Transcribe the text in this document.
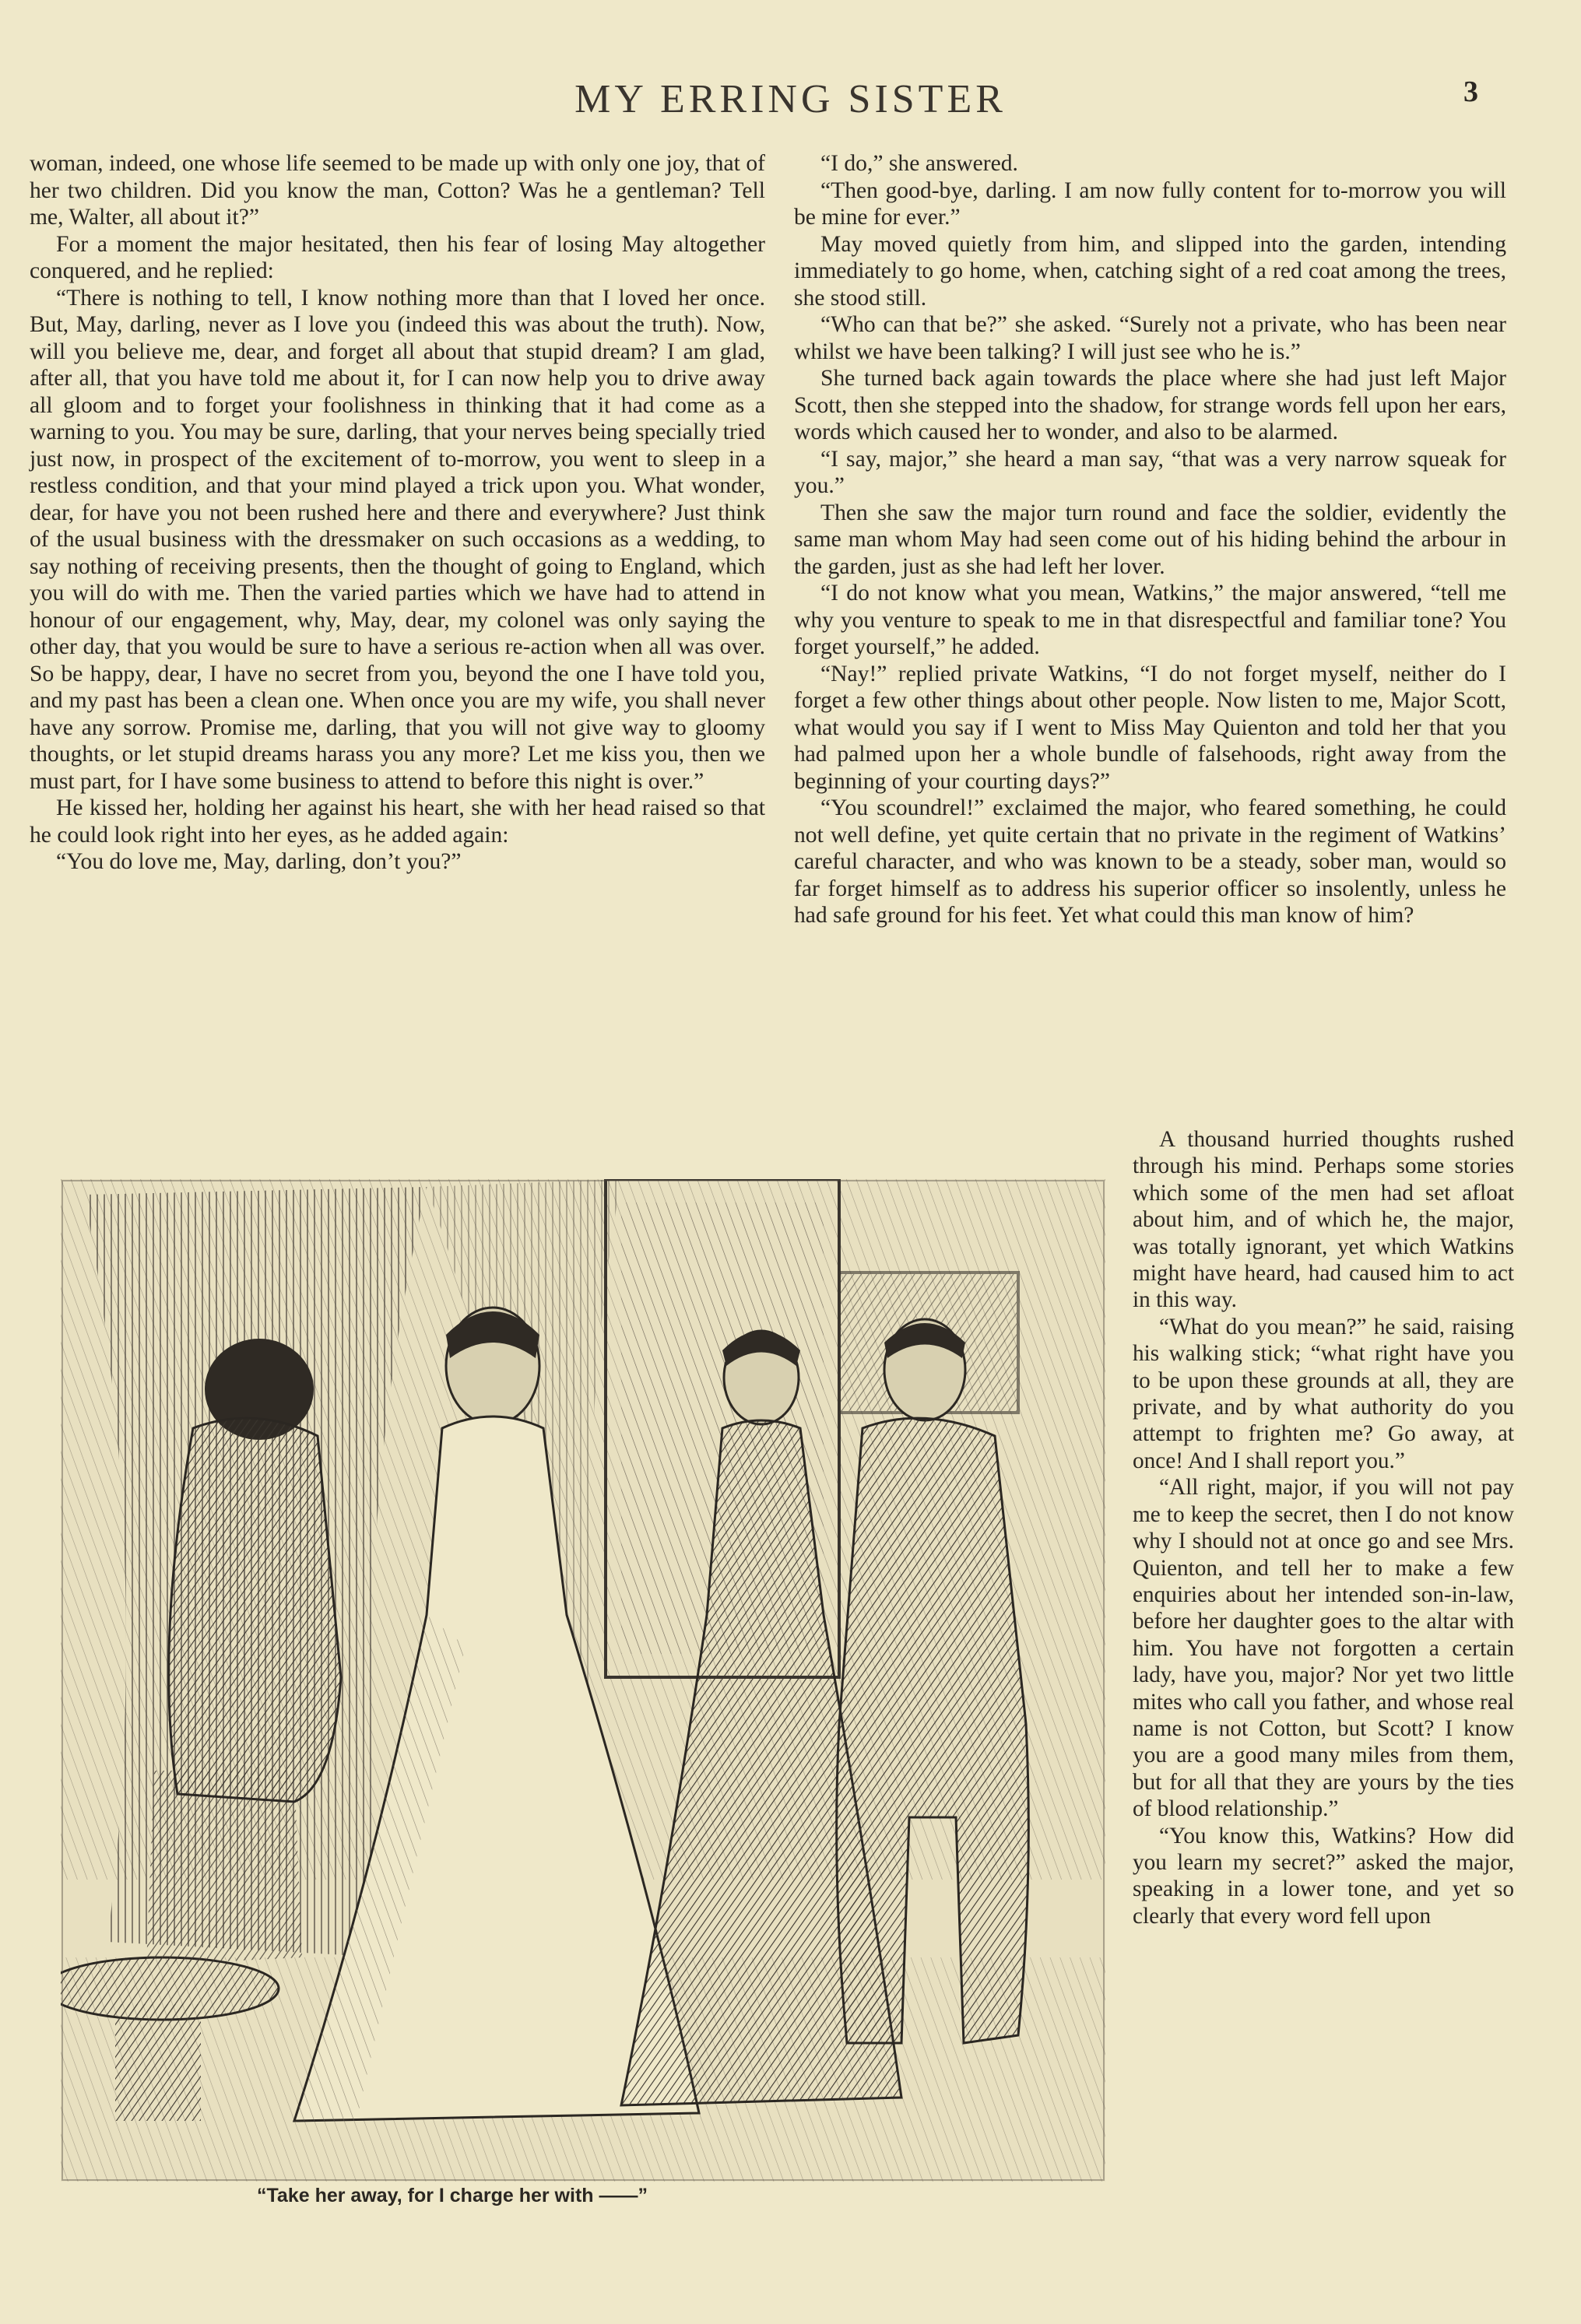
MY ERRING SISTER	3

woman, indeed, one whose life seemed to be made up with only one joy, that of her two children. Did you know the man, Cotton? Was he a gentleman? Tell me, Walter, all about it?”

For a moment the major hesitated, then his fear of losing May altogether conquered, and he replied:

“There is nothing to tell, I know nothing more than that I loved her once. But, May, darling, never as I love you (indeed this was about the truth). Now, will you believe me, dear, and forget all about that stupid dream? I am glad, after all, that you have told me about it, for I can now help you to drive away all gloom and to forget your foolishness in thinking that it had come as a warning to you. You may be sure, darling, that your nerves being specially tried just now, in prospect of the excitement of to-morrow, you went to sleep in a restless condition, and that your mind played a trick upon you. What wonder, dear, for have you not been rushed here and there and everywhere? Just think of the usual business with the dressmaker on such occasions as a wedding, to say nothing of receiving presents, then the thought of going to England, which you will do with me. Then the varied parties which we have had to attend in honour of our engagement, why, May, dear, my colonel was only saying the other day, that you would be sure to have a serious re-action when all was over. So be happy, dear, I have no secret from you, beyond the one I have told you, and my past has been a clean one. When once you are my wife, you shall never have any sorrow. Promise me, darling, that you will not give way to gloomy thoughts, or let stupid dreams harass you any more? Let me kiss you, then we must part, for I have some business to attend to before this night is over.”

He kissed her, holding her against his heart, she with her head raised so that he could look right into her eyes, as he added again:

“You do love me, May, darling, don’t you?”

“I do,” she answered.

“Then good-bye, darling. I am now fully content for to-morrow you will be mine for ever.”

May moved quietly from him, and slipped into the garden, intending immediately to go home, when, catching sight of a red coat among the trees, she stood still.

“Who can that be?” she asked. “Surely not a private, who has been near whilst we have been talking? I will just see who he is.”

She turned back again towards the place where she had just left Major Scott, then she stepped into the shadow, for strange words fell upon her ears, words which caused her to wonder, and also to be alarmed.

“I say, major,” she heard a man say, “that was a very narrow squeak for you.”

Then she saw the major turn round and face the soldier, evidently the same man whom May had seen come out of his hiding behind the arbour in the garden, just as she had left her lover.

“I do not know what you mean, Watkins,” the major answered, “tell me why you venture to speak to me in that disrespectful and familiar tone? You forget yourself,” he added.

“Nay!” replied private Watkins, “I do not forget myself, neither do I forget a few other things about other people. Now listen to me, Major Scott, what would you say if I went to Miss May Quienton and told her that you had palmed upon her a whole bundle of falsehoods, right away from the beginning of your courting days?”

“You scoundrel!” exclaimed the major, who feared something, he could not well define, yet quite certain that no private in the regiment of Watkins’ careful character, and who was known to be a steady, sober man, would so far forget himself as to address his superior officer so insolently, unless he had safe ground for his feet. Yet what could this man know of him?

A thousand hurried thoughts rushed through his mind. Perhaps some stories which some of the men had set afloat about him, and of which he, the major, was totally ignorant, yet which Watkins might have heard, had caused him to act in this way.

“What do you mean?” he said, raising his walking stick; “what right have you to be upon these grounds at all, they are private, and by what authority do you attempt to frighten me? Go away, at once! And I shall report you.”

“All right, major, if you will not pay me to keep the secret, then I do not know why I should not at once go and see Mrs. Quienton, and tell her to make a few enquiries about her intended son-in-law, before her daughter goes to the altar with him. You have not forgotten a certain lady, have you, major? Nor yet two little mites who call you father, and whose real name is not Cotton, but Scott? I know you are a good many miles from them, but for all that they are yours by the ties of blood relationship.”

“You know this, Watkins? How did you learn my secret?” asked the major, speaking in a lower tone, and yet so clearly that every word fell upon

“Take her away, for I charge her with ——”
